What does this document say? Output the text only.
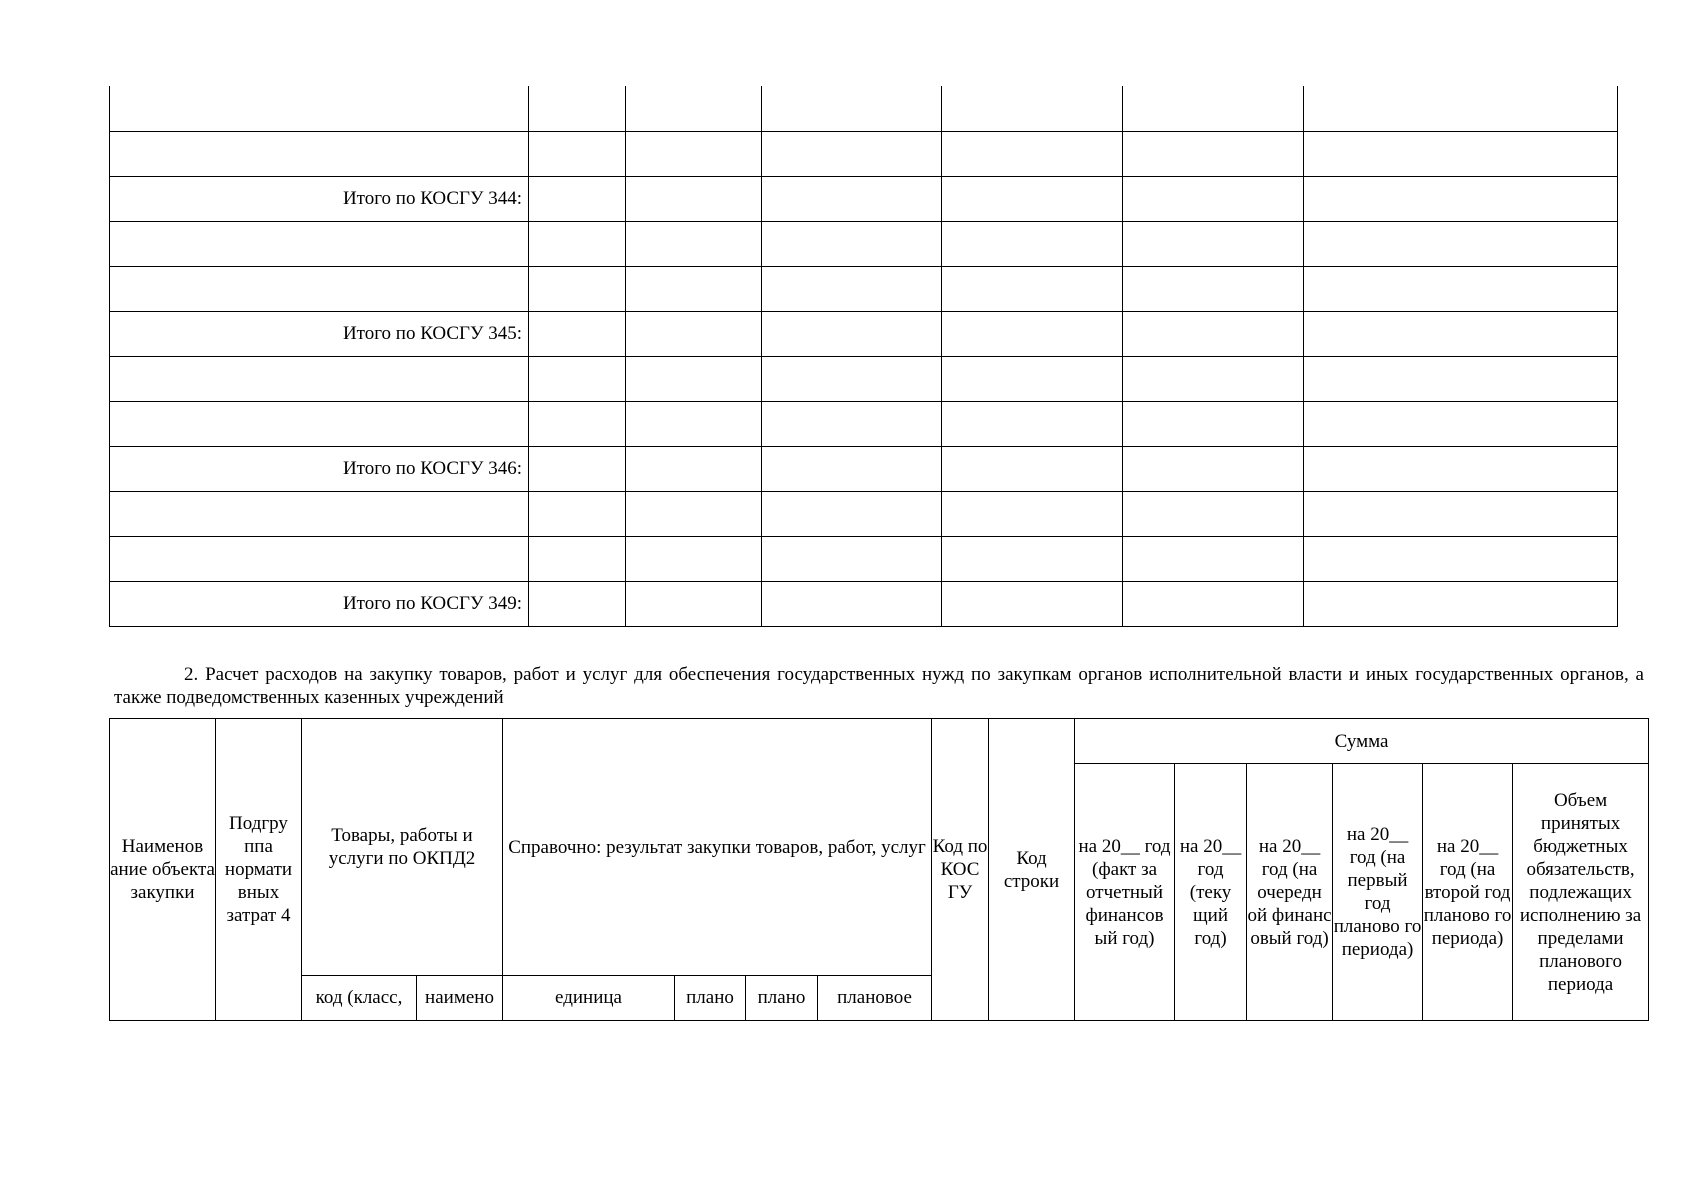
Итого по КОСГУ 344:						

Итого по КОСГУ 345:						

Итого по КОСГУ 346:						

Итого по КОСГУ 349:						
2. Расчет расходов на закупку товаров, работ и услуг для обеспечения государственных нужд по закупкам органов исполнительной власти и иных государственных органов, а также подведомственных казенных учреждений
Наименов ание объекта закупки	Подгру ппа нормати вных затрат 4	Товары, работы и услуги по ОКПД2		Справочно: результат закупки товаров, работ, услуг				Код по КОС ГУ	Код строки	Сумма					
										на 20__ год (факт за отчетный финансов ый год)	на 20__ год (теку щий год)	на 20__ год (на очередн ой финанс овый год)	на 20__ год (на первый год планово го периода)	на 20__ год (на второй год планово го периода)	Объем принятых бюджетных обязательств, подлежащих исполнению за пределами планового периода
		код (класс,	наимено	единица	плано	плано	плановое								
